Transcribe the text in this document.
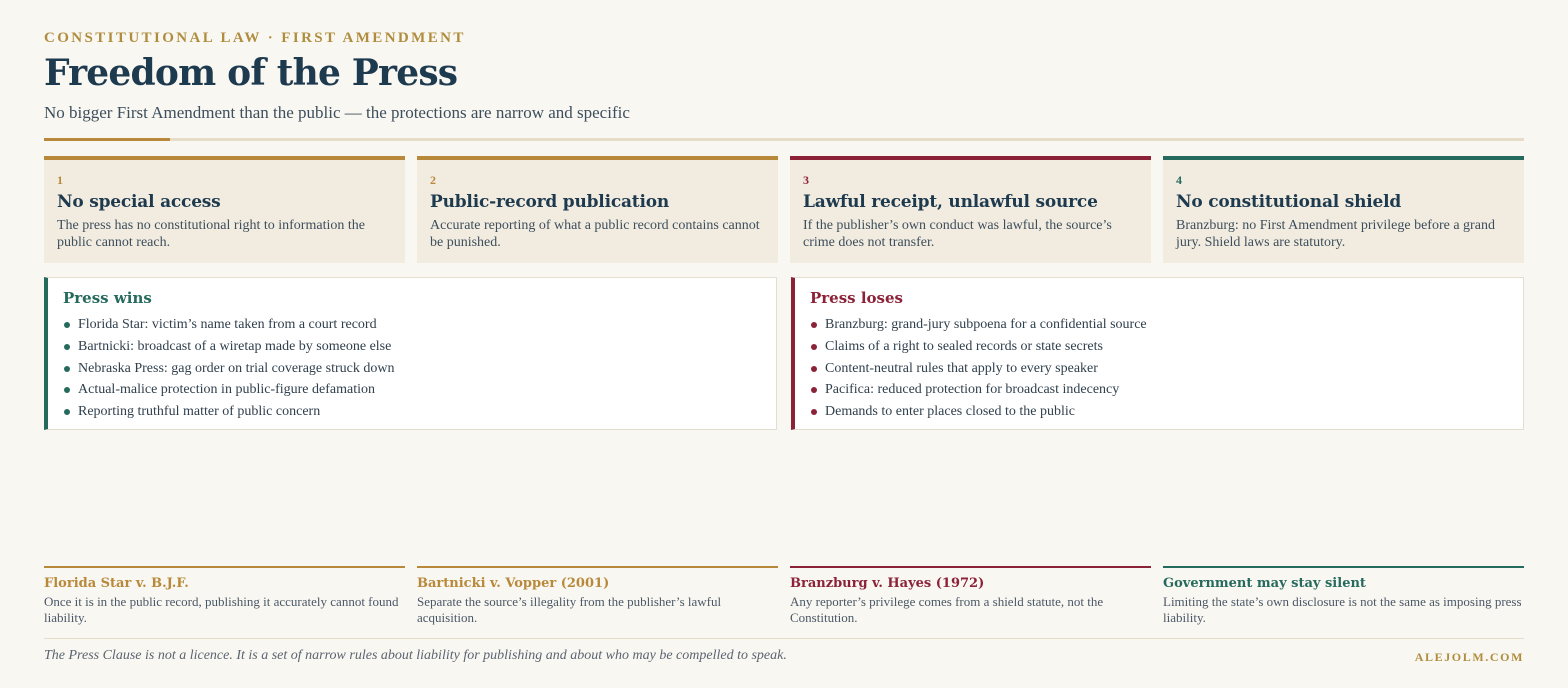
CONSTITUTIONAL LAW · FIRST AMENDMENT
Freedom of the Press
No bigger First Amendment than the public — the protections are narrow and specific
1
No special access
The press has no constitutional right to information the public cannot reach.
2
Public-record publication
Accurate reporting of what a public record contains cannot be punished.
3
Lawful receipt, unlawful source
If the publisher’s own conduct was lawful, the source’s crime does not transfer.
4
No constitutional shield
Branzburg: no First Amendment privilege before a grand jury. Shield laws are statutory.
Press wins
Florida Star: victim’s name taken from a court record
Bartnicki: broadcast of a wiretap made by someone else
Nebraska Press: gag order on trial coverage struck down
Actual-malice protection in public-figure defamation
Reporting truthful matter of public concern
Press loses
Branzburg: grand-jury subpoena for a confidential source
Claims of a right to sealed records or state secrets
Content-neutral rules that apply to every speaker
Pacifica: reduced protection for broadcast indecency
Demands to enter places closed to the public
Florida Star v. B.J.F.
Once it is in the public record, publishing it accurately cannot found liability.
Bartnicki v. Vopper (2001)
Separate the source’s illegality from the publisher’s lawful acquisition.
Branzburg v. Hayes (1972)
Any reporter’s privilege comes from a shield statute, not the Constitution.
Government may stay silent
Limiting the state’s own disclosure is not the same as imposing press liability.
The Press Clause is not a licence. It is a set of narrow rules about liability for publishing and about who may be compelled to speak.	ALEJOLM.COM
